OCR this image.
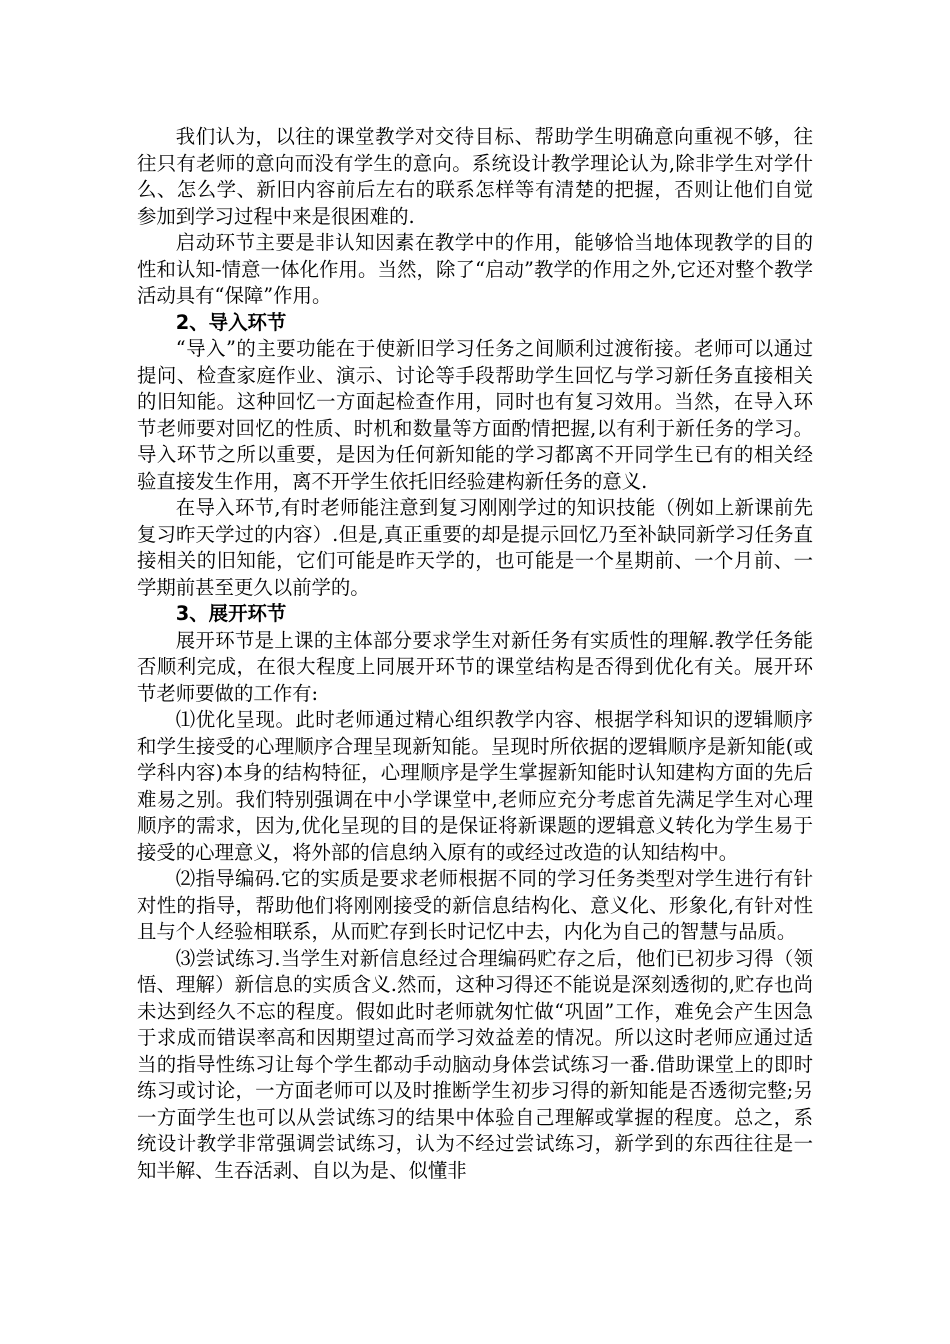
我们认为，以往的课堂教学对交待目标、帮助学生明确意向重视不够，往往只有老师的意向而没有学生的意向。系统设计教学理论认为,除非学生对学什么、怎么学、新旧内容前后左右的联系怎样等有清楚的把握，否则让他们自觉参加到学习过程中来是很困难的.

启动环节主要是非认知因素在教学中的作用，能够恰当地体现教学的目的性和认知-情意一体化作用。当然，除了“启动”教学的作用之外,它还对整个教学活动具有“保障”作用。

2、导入环节

“导入”的主要功能在于使新旧学习任务之间顺利过渡衔接。老师可以通过提问、检查家庭作业、演示、讨论等手段帮助学生回忆与学习新任务直接相关的旧知能。这种回忆一方面起检查作用，同时也有复习效用。当然，在导入环节老师要对回忆的性质、时机和数量等方面酌情把握,以有利于新任务的学习。导入环节之所以重要，是因为任何新知能的学习都离不开同学生已有的相关经验直接发生作用，离不开学生依托旧经验建构新任务的意义.

在导入环节,有时老师能注意到复习刚刚学过的知识技能（例如上新课前先复习昨天学过的内容）.但是,真正重要的却是提示回忆乃至补缺同新学习任务直接相关的旧知能，它们可能是昨天学的，也可能是一个星期前、一个月前、一学期前甚至更久以前学的。

3、展开环节

展开环节是上课的主体部分要求学生对新任务有实质性的理解.教学任务能否顺利完成，在很大程度上同展开环节的课堂结构是否得到优化有关。展开环节老师要做的工作有:

⑴优化呈现。此时老师通过精心组织教学内容、根据学科知识的逻辑顺序和学生接受的心理顺序合理呈现新知能。呈现时所依据的逻辑顺序是新知能(或学科内容)本身的结构特征，心理顺序是学生掌握新知能时认知建构方面的先后难易之别。我们特别强调在中小学课堂中,老师应充分考虑首先满足学生对心理顺序的需求，因为,优化呈现的目的是保证将新课题的逻辑意义转化为学生易于接受的心理意义，将外部的信息纳入原有的或经过改造的认知结构中。

⑵指导编码.它的实质是要求老师根据不同的学习任务类型对学生进行有针对性的指导，帮助他们将刚刚接受的新信息结构化、意义化、形象化,有针对性且与个人经验相联系，从而贮存到长时记忆中去，内化为自己的智慧与品质。

⑶尝试练习.当学生对新信息经过合理编码贮存之后，他们已初步习得（领悟、理解）新信息的实质含义.然而，这种习得还不能说是深刻透彻的,贮存也尚未达到经久不忘的程度。假如此时老师就匆忙做“巩固”工作，难免会产生因急于求成而错误率高和因期望过高而学习效益差的情况。所以这时老师应通过适当的指导性练习让每个学生都动手动脑动身体尝试练习一番.借助课堂上的即时练习或讨论，一方面老师可以及时推断学生初步习得的新知能是否透彻完整;另一方面学生也可以从尝试练习的结果中体验自己理解或掌握的程度。总之，系统设计教学非常强调尝试练习，认为不经过尝试练习，新学到的东西往往是一知半解、生吞活剥、自以为是、似懂非
